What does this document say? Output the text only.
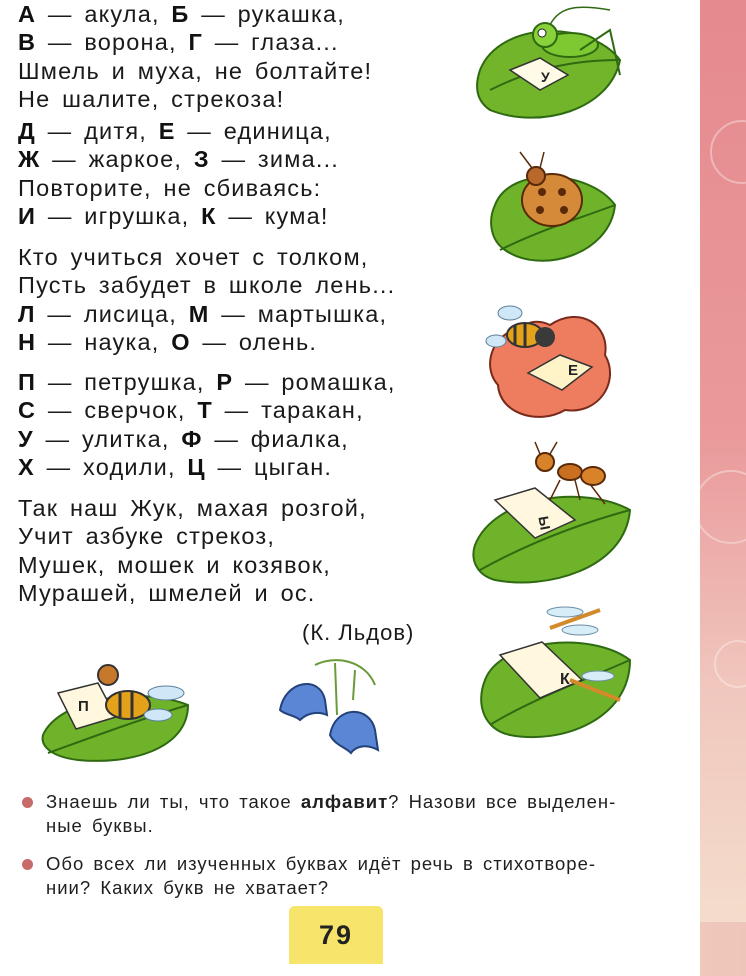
А — акула, Б — рукашка,
В — ворона, Г — глаза...
Шмель и муха, не болтайте!
Не шалите, стрекоза!
Д — дитя, Е — единица,
Ж — жаркое, З — зима...
Повторите, не сбиваясь:
И — игрушка, К — кума!
Кто учиться хочет с толком,
Пусть забудет в школе лень...
Л — лисица, М — мартышка,
Н — наука, О — олень.
П — петрушка, Р — ромашка,
С — сверчок, Т — таракан,
У — улитка, Ф — фиалка,
Х — ходили, Ц — цыган.
Так наш Жук, махая розгой,
Учит азбуке стрекоз,
Мушек, мошек и козявок,
Мурашей, шмелей и ос.
(К. Льдов)
У
Е
Ы
К
П
Знаешь ли ты, что такое алфавит? Назови все выделен-
ные буквы.
Обо всех ли изученных буквах идёт речь в стихотворе-
нии? Каких букв не хватает?
79
